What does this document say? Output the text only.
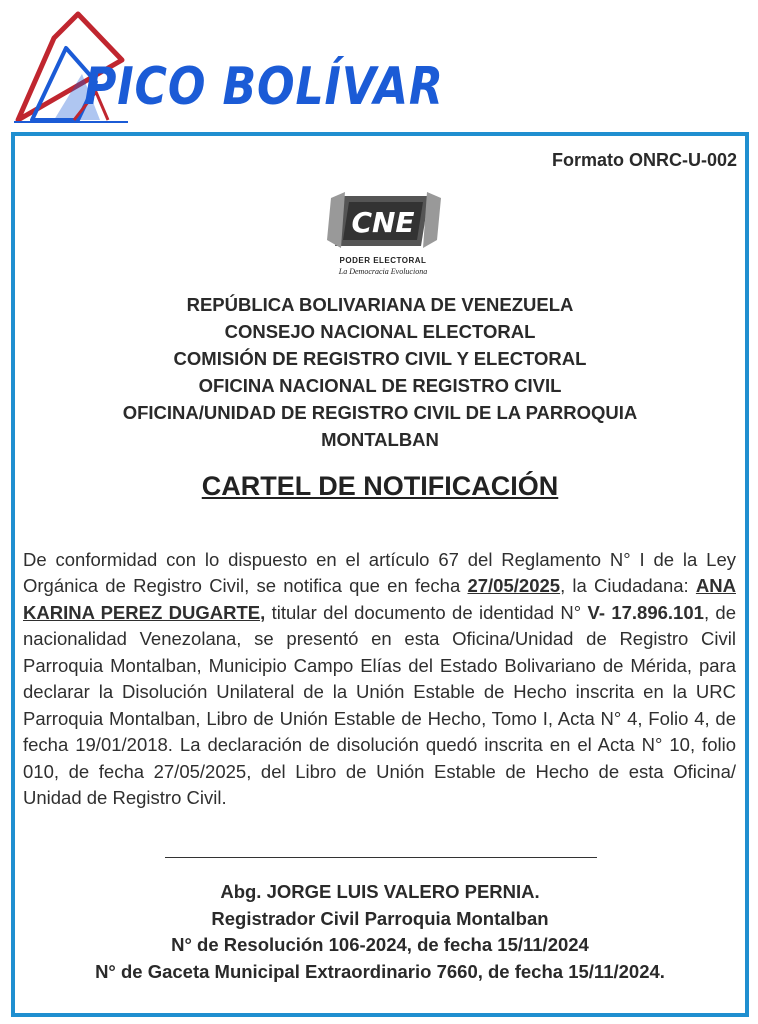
PICO BOLÍVAR
Formato ONRC-U-002
CNE
PODER ELECTORAL
La Democracia Evoluciona
REPÚBLICA BOLIVARIANA DE VENEZUELA
CONSEJO NACIONAL ELECTORAL
COMISIÓN DE REGISTRO CIVIL Y ELECTORAL
OFICINA NACIONAL DE REGISTRO CIVIL
OFICINA/UNIDAD DE REGISTRO CIVIL DE LA PARROQUIA
MONTALBAN
CARTEL DE NOTIFICACIÓN

De conformidad con lo dispuesto en el artículo 67 del Reglamento N° I de la Ley Orgánica de Registro Civil, se notifica que en fecha 27/05/2025, la Ciudadana: ANA KARINA PEREZ DUGARTE, titular del documento de identidad N° V- 17.896.101, de nacionalidad Venezolana, se presentó en esta Oficina/Unidad de Registro Civil Parroquia Montalban, Municipio Campo Elías del Estado Bolivariano de Mérida, para declarar la Disolución Unilateral de la Unión Estable de Hecho inscrita en la URC Parroquia Montalban, Libro de Unión Estable de Hecho, Tomo I, Acta N° 4, Folio 4, de fecha 19/01/2018. La declaración de disolución quedó inscrita en el Acta N° 10, folio 010, de fecha 27/05/2025, del Libro de Unión Estable de Hecho de esta Oficina/ Unidad de Registro Civil.

Abg. JORGE LUIS VALERO PERNIA.
Registrador Civil Parroquia Montalban
N° de Resolución 106-2024, de fecha 15/11/2024
N° de Gaceta Municipal Extraordinario 7660, de fecha 15/11/2024.
